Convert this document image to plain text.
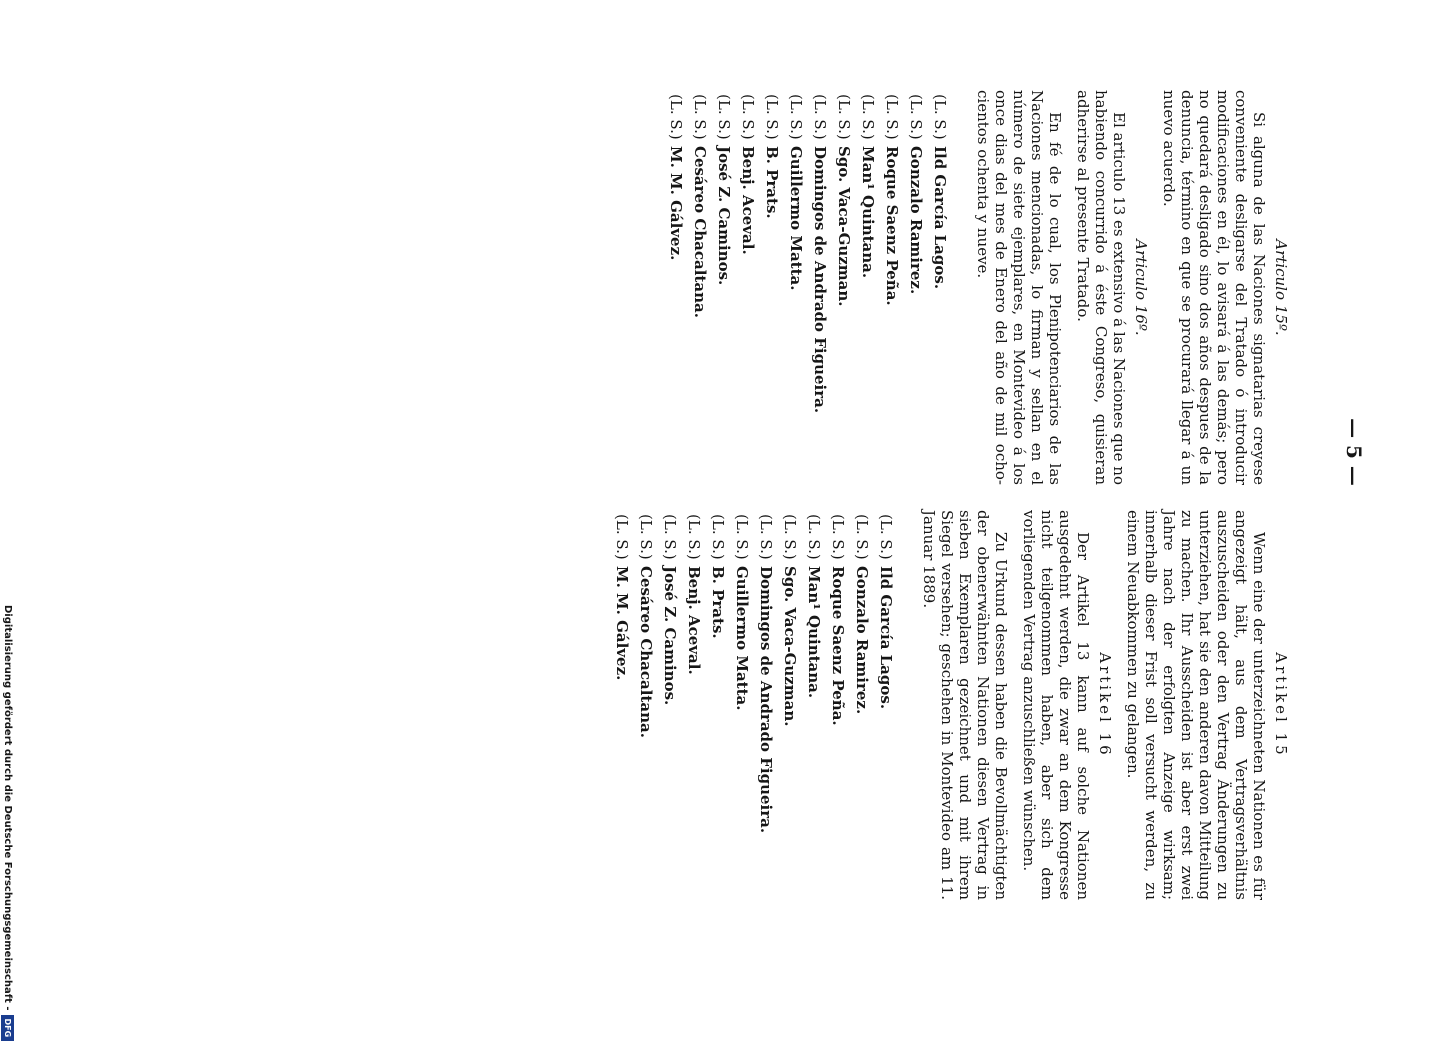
— 5 —
Articulo 15º.

Si alguna de las Naciones signatarias creyese conveniente desligarse del Tratado ó introducir modificaciones en él, lo avisará á las demás; pero no quedará desligado sino dos años despues de la denuncia, término en que se procurará llegar á un nuevo acuerdo.

Articulo 16º.

El articulo 13 es extensivo á las Naciones que no habiendo concurrido á éste Congreso, quisieran adherirse al presente Tratado.

En fé de lo cual, los Plenipotenciarios de las Naciones mencionadas, lo firman y sellan en el número de siete ejemplares, en Montevideo á los once dias del mes de Enero del año de mil ocho-cientos ochenta y nueve.

(L. S.)
Ild García Lagos.
(L. S.)
Gonzalo Ramirez.
(L. S.)
Roque Saenz Peña.
(L. S.)
Man¹ Quintana.
(L. S.)
Sgo. Vaca-Guzman.
(L. S.)
Domingos de Andrado Figueira.
(L. S.)
Guillermo Matta.
(L. S.)
B. Prats.
(L. S.)
Benj. Aceval.
(L. S.)
José Z. Caminos.
(L. S.)
Cesáreo Chacaltana.
(L. S.)
M. M. Gálvez.
Artikel 15

Wenn eine der unterzeichneten Nationen es für angezeigt hält, aus dem Vertragsverhältnis auszuscheiden oder den Vertrag Änderungen zu unterziehen, hat sie den anderen davon Mitteilung zu machen. Ihr Ausscheiden ist aber erst zwei Jahre nach der erfolgten Anzeige wirksam; innerhalb dieser Frist soll versucht werden, zu einem Neuabkommen zu gelangen.

Artikel 16

Der Artikel 13 kann auf solche Nationen ausgedehnt werden, die zwar an dem Kongresse nicht teilgenommen haben, aber sich dem vorliegenden Vertrag anzuschließen wünschen.

Zu Urkund dessen haben die Bevollmächtigten der obenerwähnten Nationen diesen Vertrag in sieben Exemplaren gezeichnet und mit ihrem Siegel versehen; geschehen in Montevideo am 11. Januar 1889.

(L. S.)
Ild García Lagos.
(L. S.)
Gonzalo Ramirez.
(L. S.)
Roque Saenz Peña.
(L. S.)
Man¹ Quintana.
(L. S.)
Sgo. Vaca-Guzman.
(L. S.)
Domingos de Andrado Figueira.
(L. S.)
Guillermo Matta.
(L. S.)
B. Prats.
(L. S.)
Benj. Aceval.
(L. S.)
José Z. Caminos.
(L. S.)
Cesáreo Chacaltana.
(L. S.)
M. M. Gálvez.
Digitalisierung gefördert durch die Deutsche Forschungsgemeinschaft -
DFG
